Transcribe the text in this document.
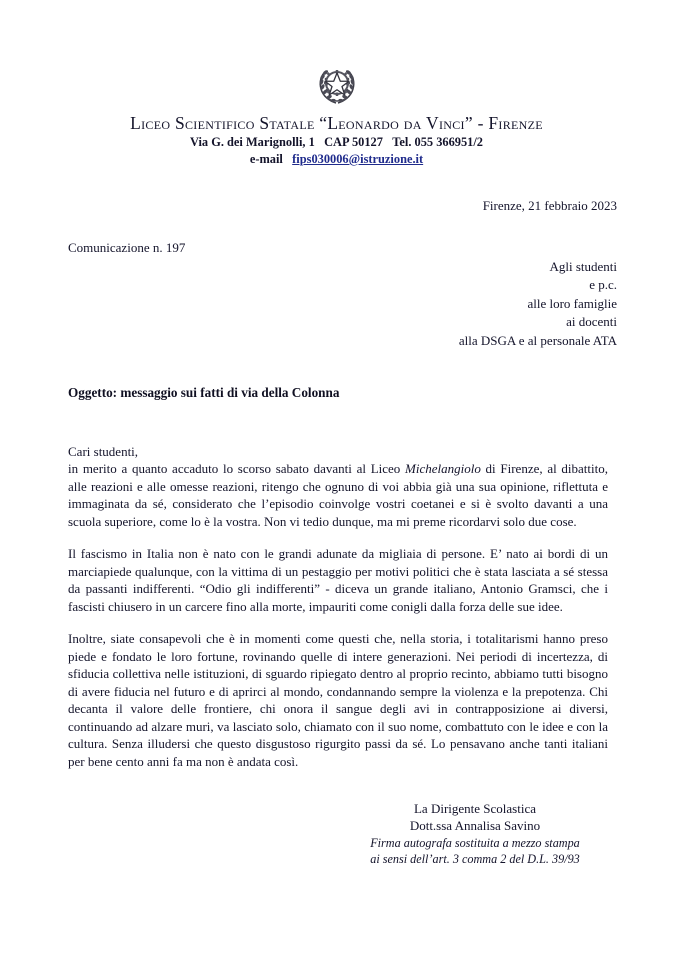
Liceo Scientifico Statale “Leonardo da Vinci” - Firenze
Via G. dei Marignolli, 1   CAP 50127   Tel. 055 366951/2
e-mail fips030006@istruzione.it
Firenze, 21 febbraio 2023
Comunicazione n. 197
Agli studenti
e p.c.
alle loro famiglie
ai docenti
alla DSGA e al personale ATA
Oggetto: messaggio sui fatti di via della Colonna
Cari studenti,

in merito a quanto accaduto lo scorso sabato davanti al Liceo Michelangiolo di Firenze, al dibattito, alle reazioni e alle omesse reazioni, ritengo che ognuno di voi abbia già una sua opinione, riflettuta e immaginata da sé, considerato che l’episodio coinvolge vostri coetanei e si è svolto davanti a una scuola superiore, come lo è la vostra. Non vi tedio dunque, ma mi preme ricordarvi solo due cose.

Il fascismo in Italia non è nato con le grandi adunate da migliaia di persone. E’ nato ai bordi di un marciapiede qualunque, con la vittima di un pestaggio per motivi politici che è stata lasciata a sé stessa da passanti indifferenti. “Odio gli indifferenti” - diceva un grande italiano, Antonio Gramsci, che i fascisti chiusero in un carcere fino alla morte, impauriti come conigli dalla forza delle sue idee.

Inoltre, siate consapevoli che è in momenti come questi che, nella storia, i totalitarismi hanno preso piede e fondato le loro fortune, rovinando quelle di intere generazioni. Nei periodi di incertezza, di sfiducia collettiva nelle istituzioni, di sguardo ripiegato dentro al proprio recinto, abbiamo tutti bisogno di avere fiducia nel futuro e di aprirci al mondo, condannando sempre la violenza e la prepotenza. Chi decanta il valore delle frontiere, chi onora il sangue degli avi in contrapposizione ai diversi, continuando ad alzare muri, va lasciato solo, chiamato con il suo nome, combattuto con le idee e con la cultura. Senza illudersi che questo disgustoso rigurgito passi da sé. Lo pensavano anche tanti italiani per bene cento anni fa ma non è andata così.

La Dirigente Scolastica
Dott.ssa Annalisa Savino
Firma autografa sostituita a mezzo stampa
ai sensi dell’art. 3 comma 2 del D.L. 39/93
